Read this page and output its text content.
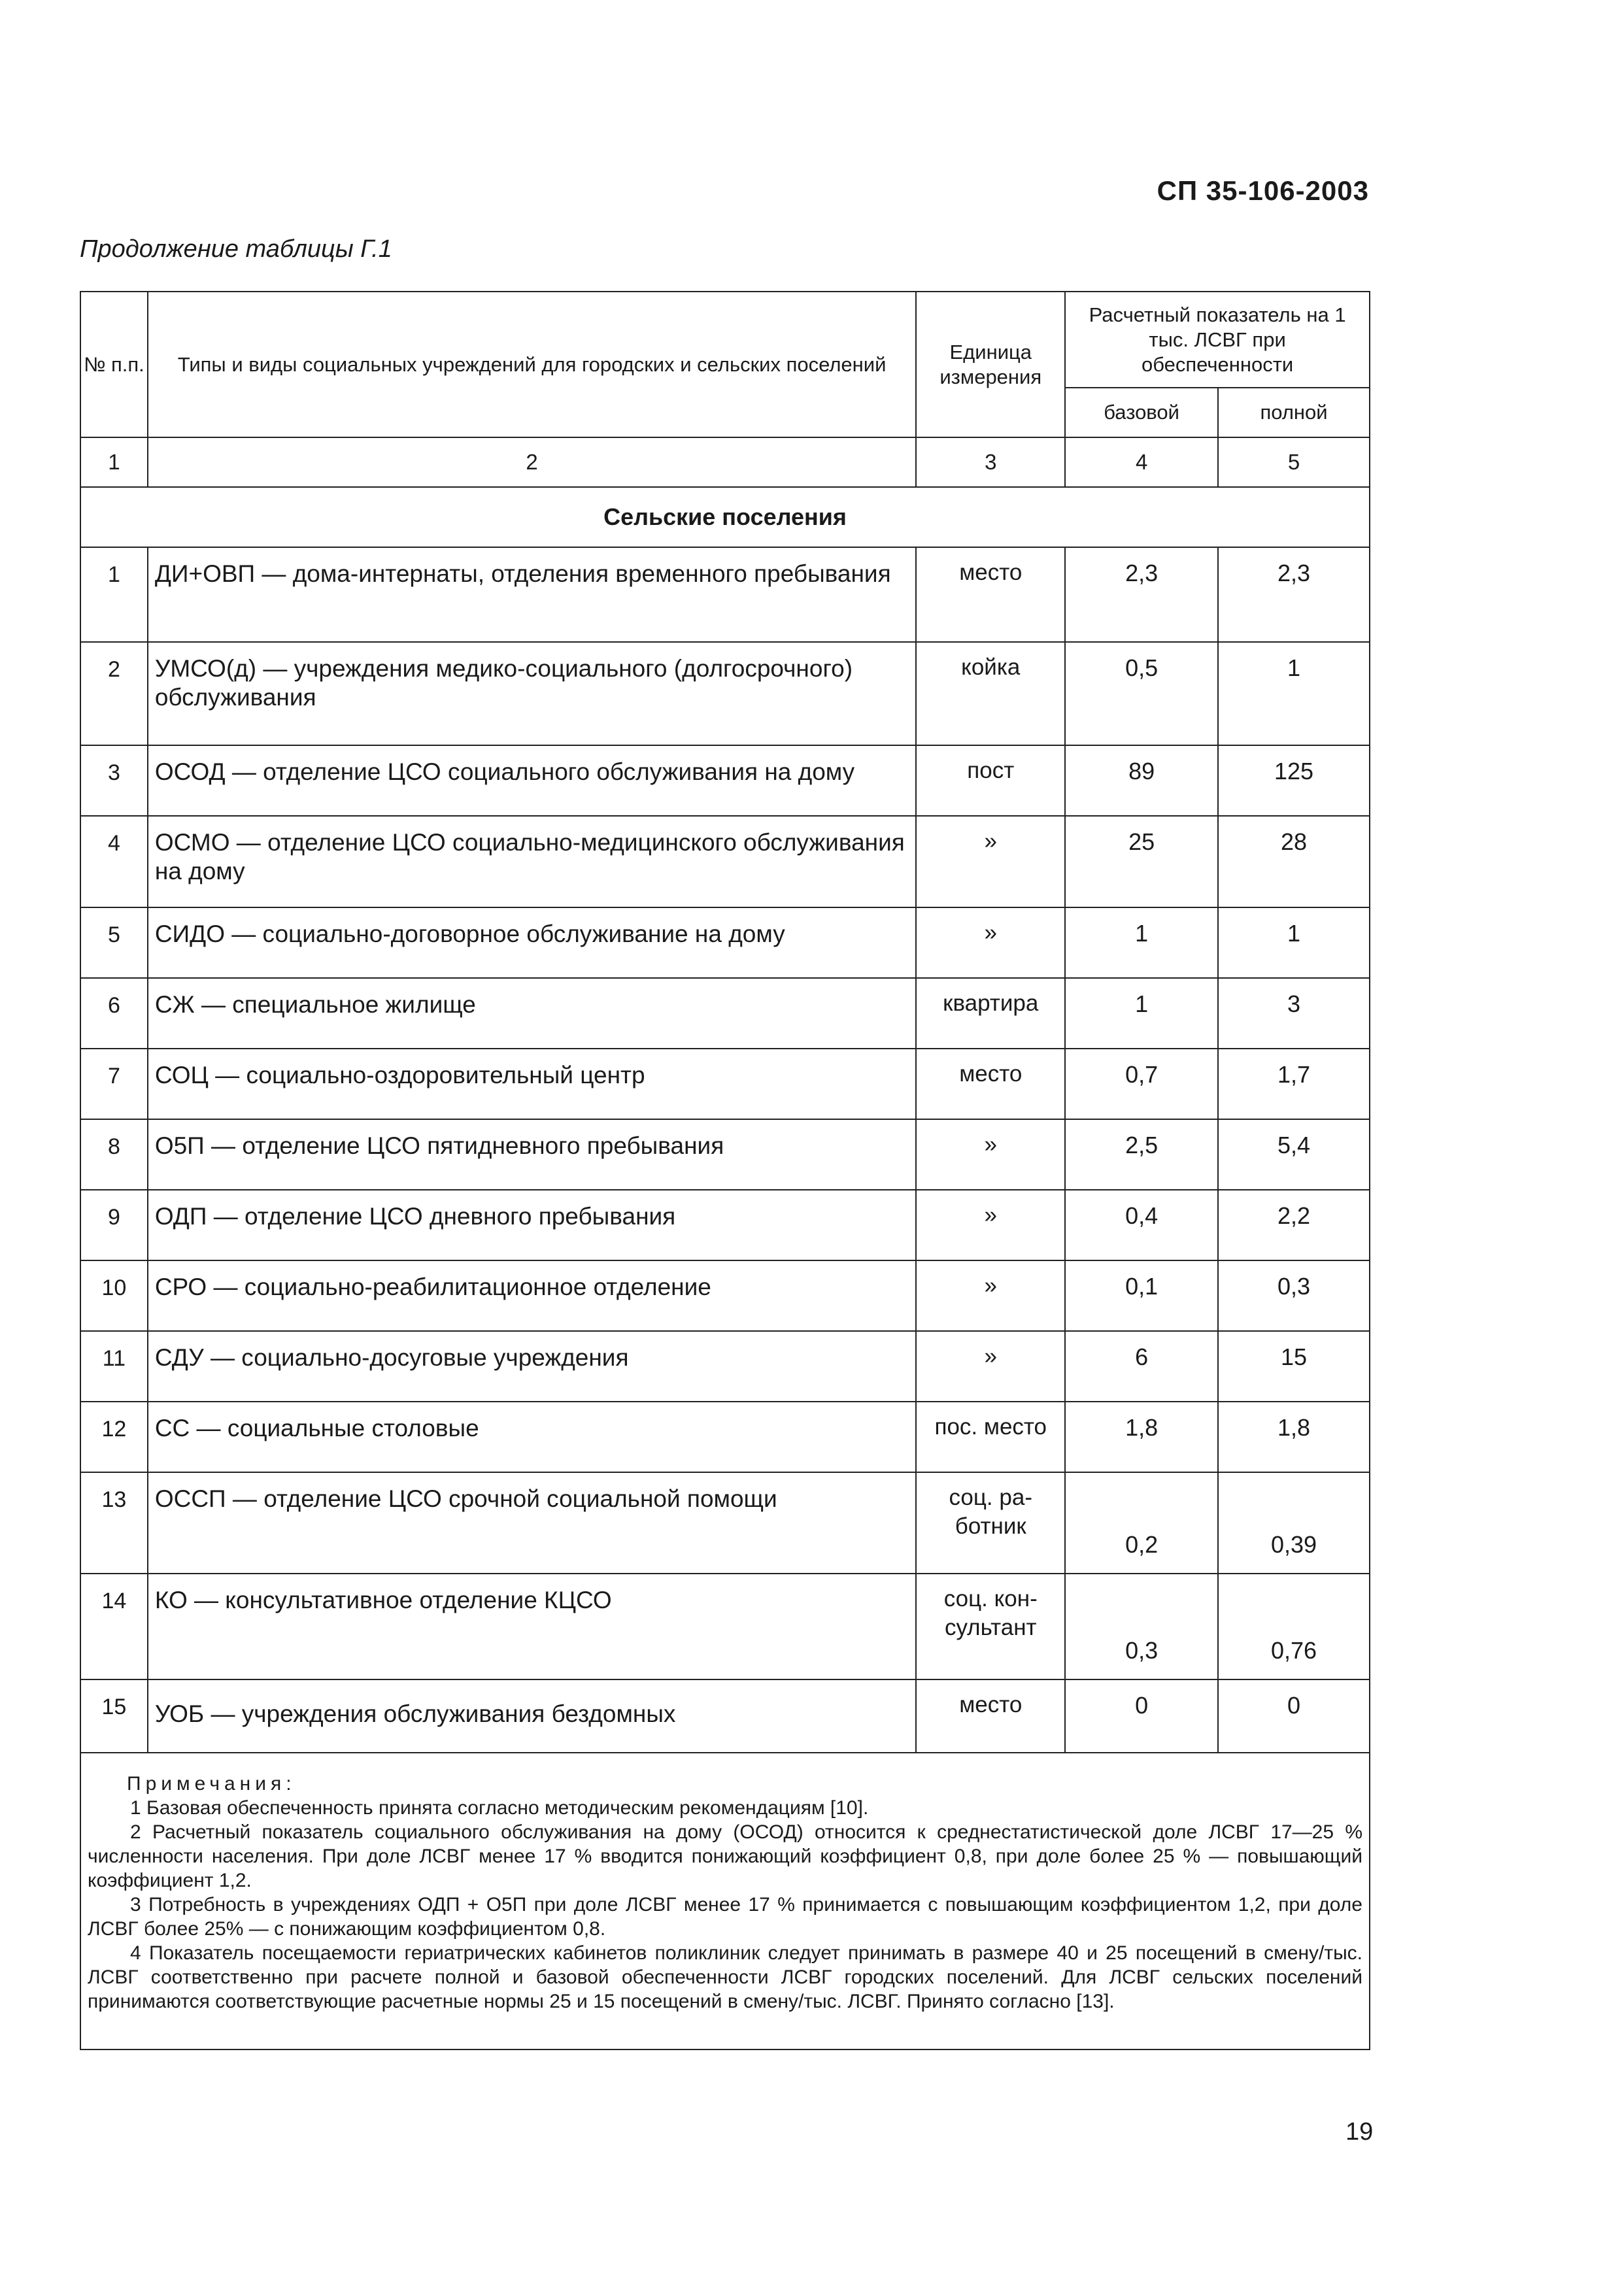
СП 35-106-2003
Продолжение таблицы Г.1
№ п.п.	Типы и виды социальных учреждений для городских и сельских поселений	Единица измерения	Расчетный показатель на 1 тыс. ЛСВГ при обеспеченности	
			базовой	полной
1	2	3	4	5
Сельские поселения				
1	ДИ+ОВП — дома-интернаты, отделения временного пребывания	место	2,3	2,3
2	УМСО(д) — учреждения медико-социального (долгосрочного) обслуживания	койка	0,5	1
3	ОСОД — отделение ЦСО социального обслуживания на дому	пост	89	125
4	ОСМО — отделение ЦСО социально-медицинского обслуживания на дому	»	25	28
5	СИДО — социально-договорное обслуживание на дому	»	1	1
6	СЖ — специальное жилище	квартира	1	3
7	СОЦ — социально-оздоровительный центр	место	0,7	1,7
8	О5П — отделение ЦСО пятидневного пребывания	»	2,5	5,4
9	ОДП — отделение ЦСО дневного пребывания	»	0,4	2,2
10	СРО — социально-реабилитационное отделение	»	0,1	0,3
11	СДУ — социально-досуговые учреждения	»	6	15
12	СС — социальные столовые	пос. место	1,8	1,8
13	ОССП — отделение ЦСО срочной социальной помощи	соц. работник	0,2	0,39
14	КО — консультативное отделение КЦСО	соц. консультант	0,3	0,76
15	УОБ — учреждения обслуживания бездомных	место	0	0

Примечания:
1 Базовая обеспеченность принята согласно методическим рекомендациям [10].
2 Расчетный показатель социального обслуживания на дому (ОСОД) относится к среднестатистической доле ЛСВГ 17—25 % численности населения. При доле ЛСВГ менее 17 % вводится понижающий коэффициент 0,8, при доле более 25 % — повышающий коэффициент 1,2.
3 Потребность в учреждениях ОДП + О5П при доле ЛСВГ менее 17 % принимается с повышающим коэффициентом 1,2, при доле ЛСВГ более 25% — с понижающим коэффициентом 0,8.
4 Показатель посещаемости гериатрических кабинетов поликлиник следует принимать в размере 40 и 25 посещений в смену/тыс. ЛСВГ соответственно при расчете полной и базовой обеспеченности ЛСВГ городских поселений. Для ЛСВГ сельских поселений принимаются соответствующие расчетные нормы 25 и 15 посещений в смену/тыс. ЛСВГ. Принято согласно [13].				
19
